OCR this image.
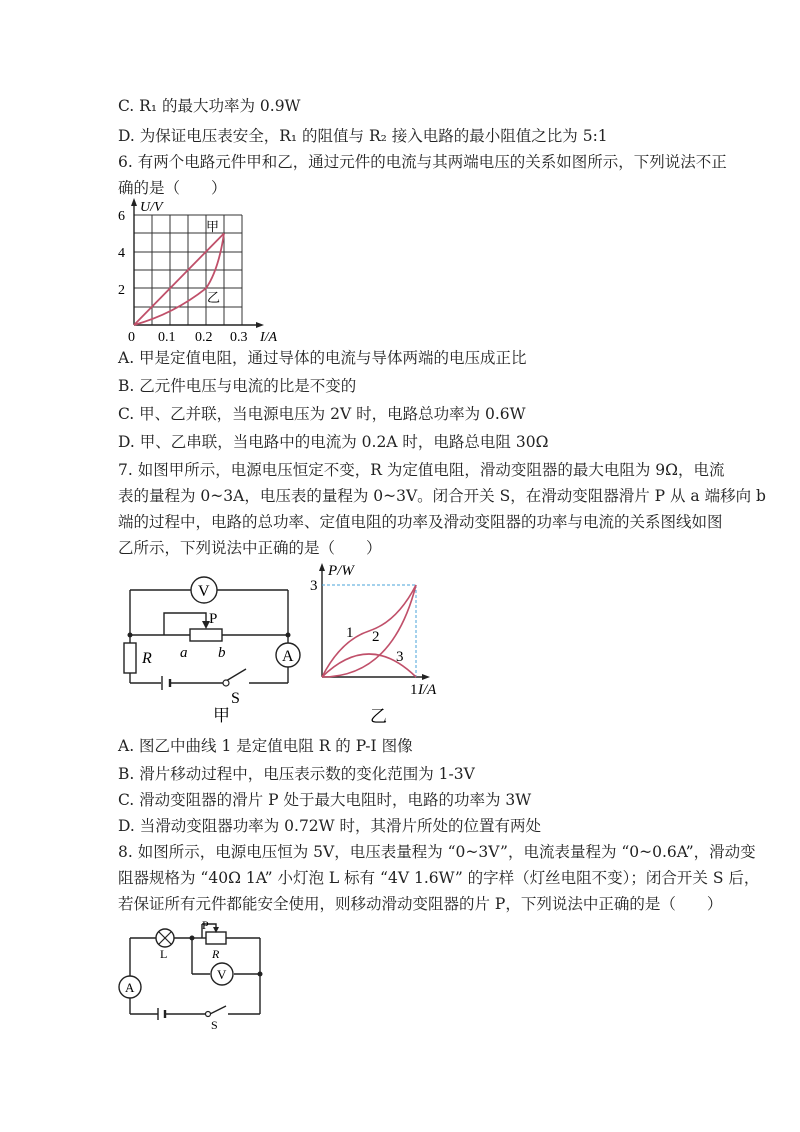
C. R₁ 的最大功率为 0.9W
D. 为保证电压表安全，R₁ 的阻值与 R₂ 接入电路的最小阻值之比为 5:1
6. 有两个电路元件甲和乙，通过元件的电流与其两端电压的关系如图所示，下列说法不正
确的是（　　）
U/V
I/A
6
4
2
0 0.1 0.2 0.3
甲
乙
A. 甲是定值电阻，通过导体的电流与导体两端的电压成正比
B. 乙元件电压与电流的比是不变的
C. 甲、乙并联，当电源电压为 2V 时，电路总功率为 0.6W
D. 甲、乙串联，当电路中的电流为 0.2A 时，电路总电阻 30Ω
7. 如图甲所示，电源电压恒定不变，R 为定值电阻，滑动变阻器的最大电阻为 9Ω，电流
表的量程为 0~3A，电压表的量程为 0~3V。闭合开关 S，在滑动变阻器滑片 P 从 a 端移向 b
端的过程中，电路的总功率、定值电阻的功率及滑动变阻器的功率与电流的关系图线如图
乙所示，下列说法中正确的是（　　）
V
A
P
R a b
S
甲
P/W
3
1 I/A
1 2
3
乙
A. 图乙中曲线 1 是定值电阻 R 的 P-I 图像
B. 滑片移动过程中，电压表示数的变化范围为 1-3V
C. 滑动变阻器的滑片 P 处于最大电阻时，电路的功率为 3W
D. 当滑动变阻器功率为 0.72W 时，其滑片所处的位置有两处
8. 如图所示，电源电压恒为 5V，电压表量程为 “0~3V”，电流表量程为 “0~0.6A”，滑动变
阻器规格为 “40Ω 1A” 小灯泡 L 标有 “4V 1.6W” 的字样（灯丝电阻不变）；闭合开关 S 后，
若保证所有元件都能安全使用，则移动滑动变阻器的片 P，下列说法中正确的是（　　）
V
A
P
R
L
S
